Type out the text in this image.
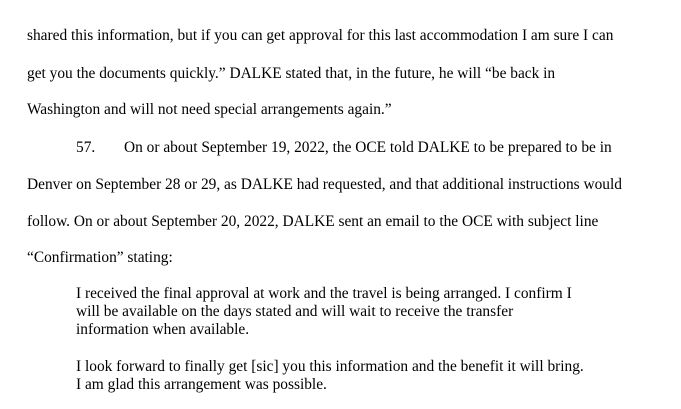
shared this information, but if you can get approval for this last accommodation I am sure I can
get you the documents quickly.” DALKE stated that, in the future, he will “be back in
Washington and will not need special arrangements again.”
57. On or about September 19, 2022, the OCE told DALKE to be prepared to be in
Denver on September 28 or 29, as DALKE had requested, and that additional instructions would
follow. On or about September 20, 2022, DALKE sent an email to the OCE with subject line
“Confirmation” stating:
I received the final approval at work and the travel is being arranged. I confirm I
will be available on the days stated and will wait to receive the transfer
information when available.
I look forward to finally get [sic] you this information and the benefit it will bring.
I am glad this arrangement was possible.
